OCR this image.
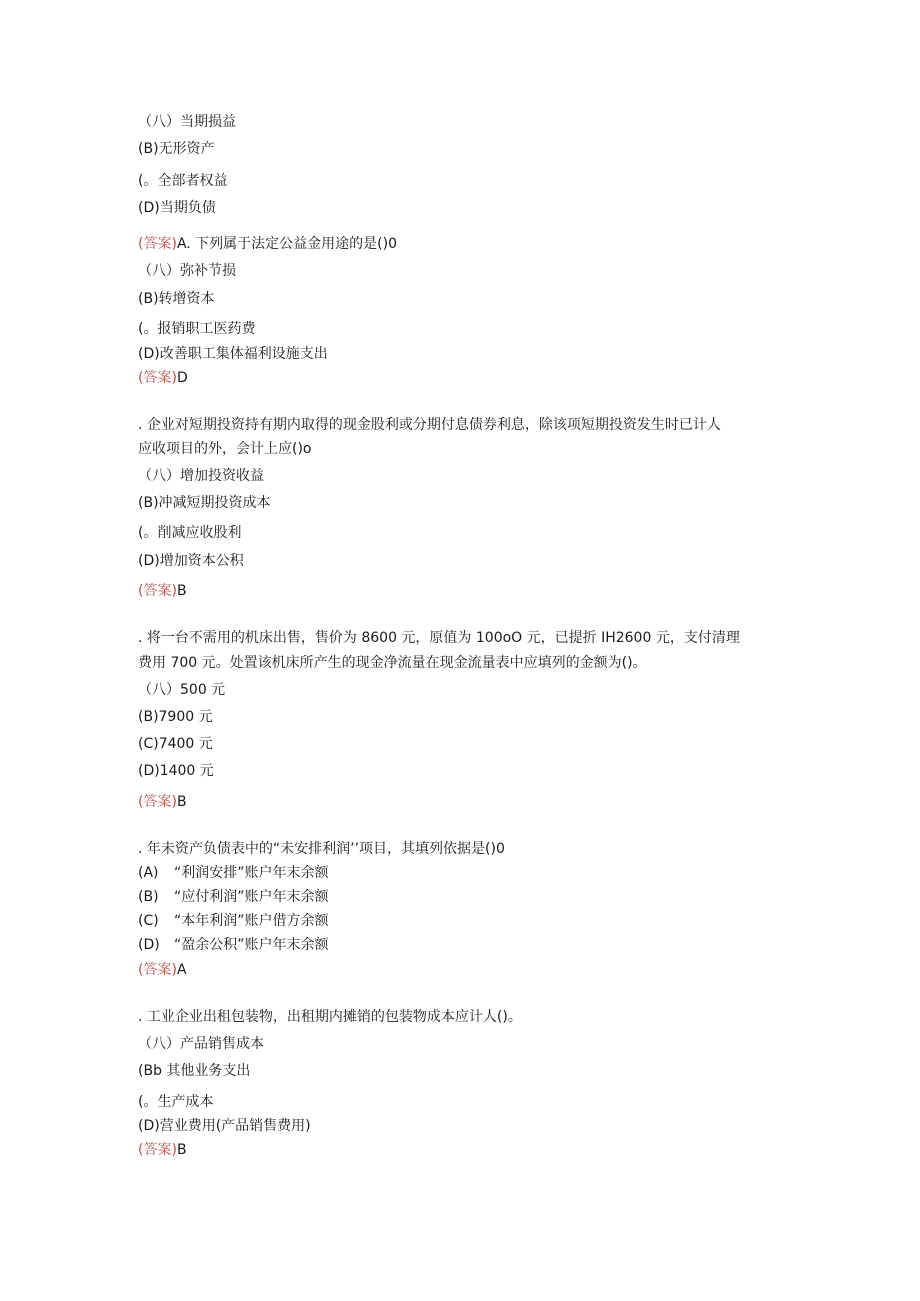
（八）当期损益
(B)无形资产
(。全部者权益
(D)当期负债
(答案)A. 下列属于法定公益金用途的是()0
（八）弥补节损
(B)转增资本
(。报销职工医药费
(D)改善职工集体福利设施支出
(答案)D
. 企业对短期投资持有期内取得的现金股利或分期付息债券利息，除该项短期投资发生时已计人
应收项目的外，会计上应()o
（八）增加投资收益
(B)冲减短期投资成本
(。削减应收股利
(D)增加资本公积
(答案)B
. 将一台不需用的机床出售，售价为 8600 元，原值为 100oO 元，已提折 IH2600 元，支付清理
费用 700 元。处置该机床所产生的现金净流量在现金流量表中应填列的金额为()。
（八）500 元
(B)7900 元
(C)7400 元
(D)1400 元
(答案)B
. 年未资产负债表中的“未安排利润’’项目，其填列依据是()0
(A) “利润安排”账户年末余额
(B) “应付利润”账户年末余额
(C) “本年利润”账户借方余额
(D) “盈余公积”账户年末余额
(答案)A
. 工业企业出租包装物，出租期内摊销的包装物成本应计人()。
（八）产品销售成本
(Bb 其他业务支出
(。生产成本
(D)营业费用(产品销售费用)
(答案)B
